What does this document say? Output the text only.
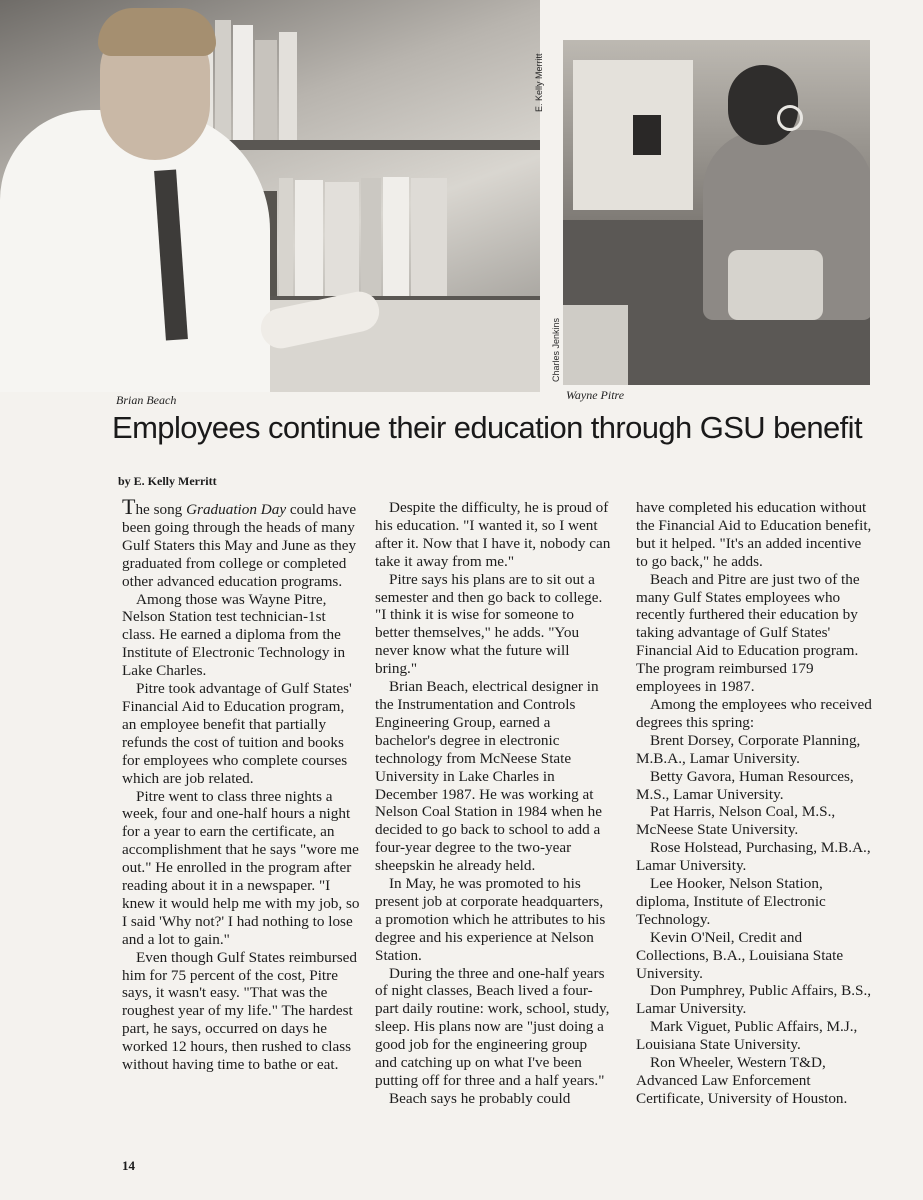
E. Kelly Merritt
Charles Jenkins
Brian Beach	Wayne Pitre
Employees continue their education through GSU benefit
by E. Kelly Merritt

The song Graduation Day could have been going through the heads of many Gulf Staters this May and June as they graduated from college or completed other advanced education programs.

Among those was Wayne Pitre, Nelson Station test technician-1st class. He earned a diploma from the Institute of Electronic Technology in Lake Charles.

Pitre took advantage of Gulf States' Financial Aid to Education program, an employee benefit that partially refunds the cost of tuition and books for employees who complete courses which are job related.

Pitre went to class three nights a week, four and one-half hours a night for a year to earn the certificate, an accomplishment that he says "wore me out." He enrolled in the program after reading about it in a newspaper. "I knew it would help me with my job, so I said 'Why not?' I had nothing to lose and a lot to gain."

Even though Gulf States reimbursed him for 75 percent of the cost, Pitre says, it wasn't easy. "That was the roughest year of my life." The hardest part, he says, occurred on days he worked 12 hours, then rushed to class without having time to bathe or eat.

Despite the difficulty, he is proud of his education. "I wanted it, so I went after it. Now that I have it, nobody can take it away from me."

Pitre says his plans are to sit out a semester and then go back to college. "I think it is wise for someone to better themselves," he adds. "You never know what the future will bring."

Brian Beach, electrical designer in the Instrumentation and Controls Engineering Group, earned a bachelor's degree in electronic technology from McNeese State University in Lake Charles in December 1987. He was working at Nelson Coal Station in 1984 when he decided to go back to school to add a four-year degree to the two-year sheepskin he already held.

In May, he was promoted to his present job at corporate headquarters, a promotion which he attributes to his degree and his experience at Nelson Station.

During the three and one-half years of night classes, Beach lived a four-part daily routine: work, school, study, sleep. His plans now are "just doing a good job for the engineering group and catching up on what I've been putting off for three and a half years."

Beach says he probably could

have completed his education without the Financial Aid to Education benefit, but it helped. "It's an added incentive to go back," he adds.

Beach and Pitre are just two of the many Gulf States employees who recently furthered their education by taking advantage of Gulf States' Financial Aid to Education program. The program reimbursed 179 employees in 1987.

Among the employees who received degrees this spring:

Brent Dorsey, Corporate Planning, M.B.A., Lamar University.

Betty Gavora, Human Resources, M.S., Lamar University.

Pat Harris, Nelson Coal, M.S., McNeese State University.

Rose Holstead, Purchasing, M.B.A., Lamar University.

Lee Hooker, Nelson Station, diploma, Institute of Electronic Technology.

Kevin O'Neil, Credit and Collections, B.A., Louisiana State University.

Don Pumphrey, Public Affairs, B.S., Lamar University.

Mark Viguet, Public Affairs, M.J., Louisiana State University.

Ron Wheeler, Western T&D, Advanced Law Enforcement Certificate, University of Houston.

14
